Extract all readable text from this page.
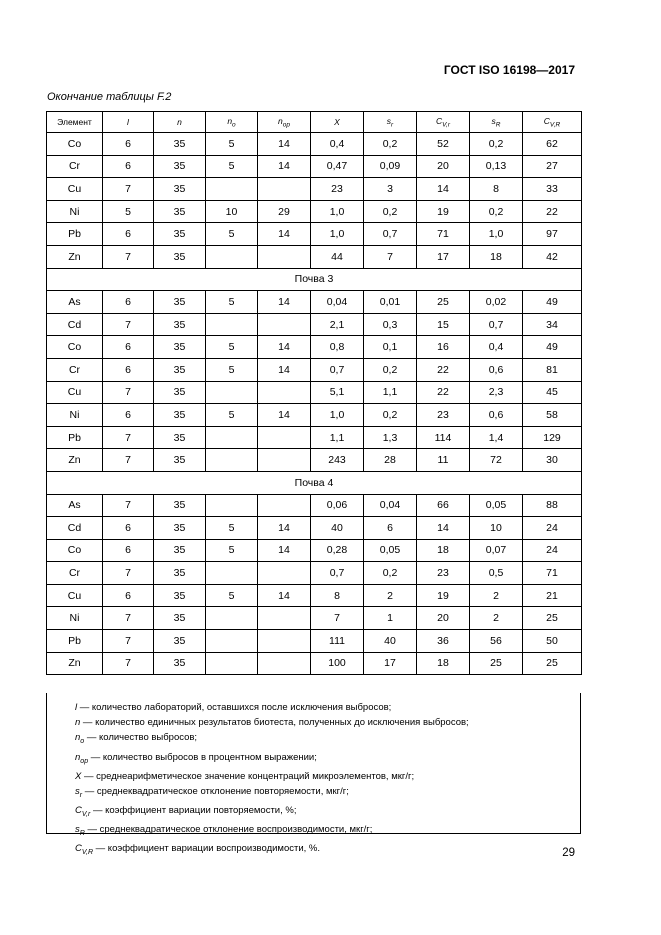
ГОСТ ISO 16198—2017
Окончание таблицы F.2
Элемент	l	n	$n_o$	$n_{op}$	X	$s_r$	$C_{V,r}$	$s_R$	$C_{V,R}$
Co	6	35	5	14	0,4	0,2	52	0,2	62
Cr	6	35	5	14	0,47	0,09	20	0,13	27
Cu	7	35			23	3	14	8	33
Ni	5	35	10	29	1,0	0,2	19	0,2	22
Pb	6	35	5	14	1,0	0,7	71	1,0	97
Zn	7	35			44	7	17	18	42
Почва 3									
As	6	35	5	14	0,04	0,01	25	0,02	49
Cd	7	35			2,1	0,3	15	0,7	34
Co	6	35	5	14	0,8	0,1	16	0,4	49
Cr	6	35	5	14	0,7	0,2	22	0,6	81
Cu	7	35			5,1	1,1	22	2,3	45
Ni	6	35	5	14	1,0	0,2	23	0,6	58
Pb	7	35			1,1	1,3	114	1,4	129
Zn	7	35			243	28	11	72	30
Почва 4									
As	7	35			0,06	0,04	66	0,05	88
Cd	6	35	5	14	40	6	14	10	24
Co	6	35	5	14	0,28	0,05	18	0,07	24
Cr	7	35			0,7	0,2	23	0,5	71
Cu	6	35	5	14	8	2	19	2	21
Ni	7	35			7	1	20	2	25
Pb	7	35			111	40	36	56	50
Zn	7	35			100	17	18	25	25
l — количество лабораторий, оставшихся после исключения выбросов;
n — количество единичных результатов биотеста, полученных до исключения выбросов;
$n_o$ — количество выбросов;
$n_{op}$ — количество выбросов в процентном выражении;
X — среднеарифметическое значение концентраций микроэлементов, мкг/г;
$s_r$ — среднеквадратическое отклонение повторяемости, мкг/г;
$C_{V,r}$ — коэффициент вариации повторяемости, %;
$s_R$ — среднеквадратическое отклонение воспроизводимости, мкг/г;
$C_{V,R}$ — коэффициент вариации воспроизводимости, %.	29
